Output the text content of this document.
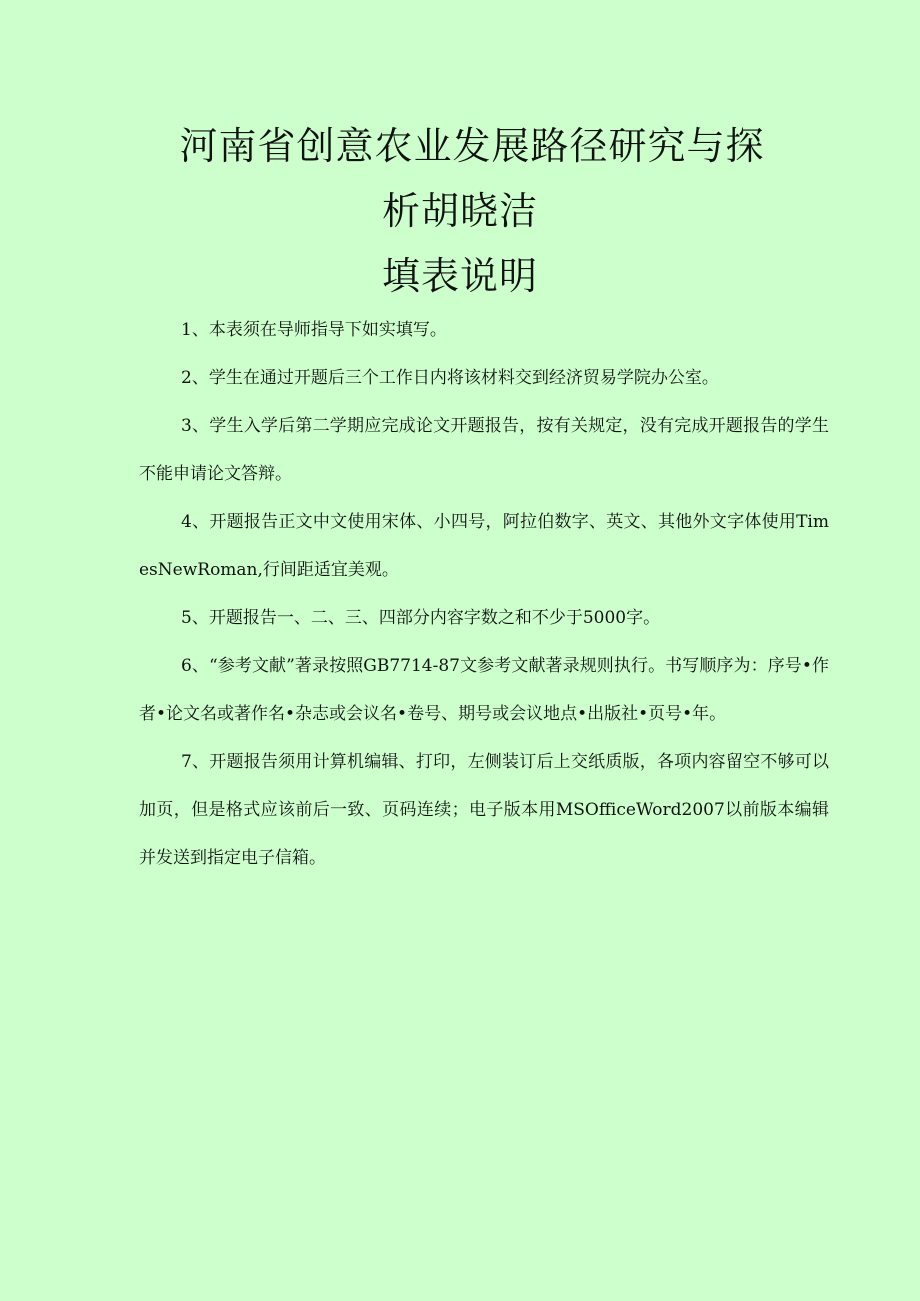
河南省创意农业发展路径研究与探
析胡晓洁
填表说明

1、本表须在导师指导下如实填写。

2、学生在通过开题后三个工作日内将该材料交到经济贸易学院办公室。

3、学生入学后第二学期应完成论文开题报告，按有关规定，没有完成开题报告的学生不能申请论文答辩。

4、开题报告正文中文使用宋体、小四号，阿拉伯数字、英文、其他外文字体使用TimesNewRoman,行间距适宜美观。

5、开题报告一、二、三、四部分内容字数之和不少于5000字。

6、“参考文献”著录按照GB7714-87文参考文献著录规则执行。书写顺序为：序号•作者•论文名或著作名•杂志或会议名•卷号、期号或会议地点•出版社•页号•年。

7、开题报告须用计算机编辑、打印，左侧装订后上交纸质版，各项内容留空不够可以加页，但是格式应该前后一致、页码连续；电子版本用MSOfficeWord2007以前版本编辑并发送到指定电子信箱。
